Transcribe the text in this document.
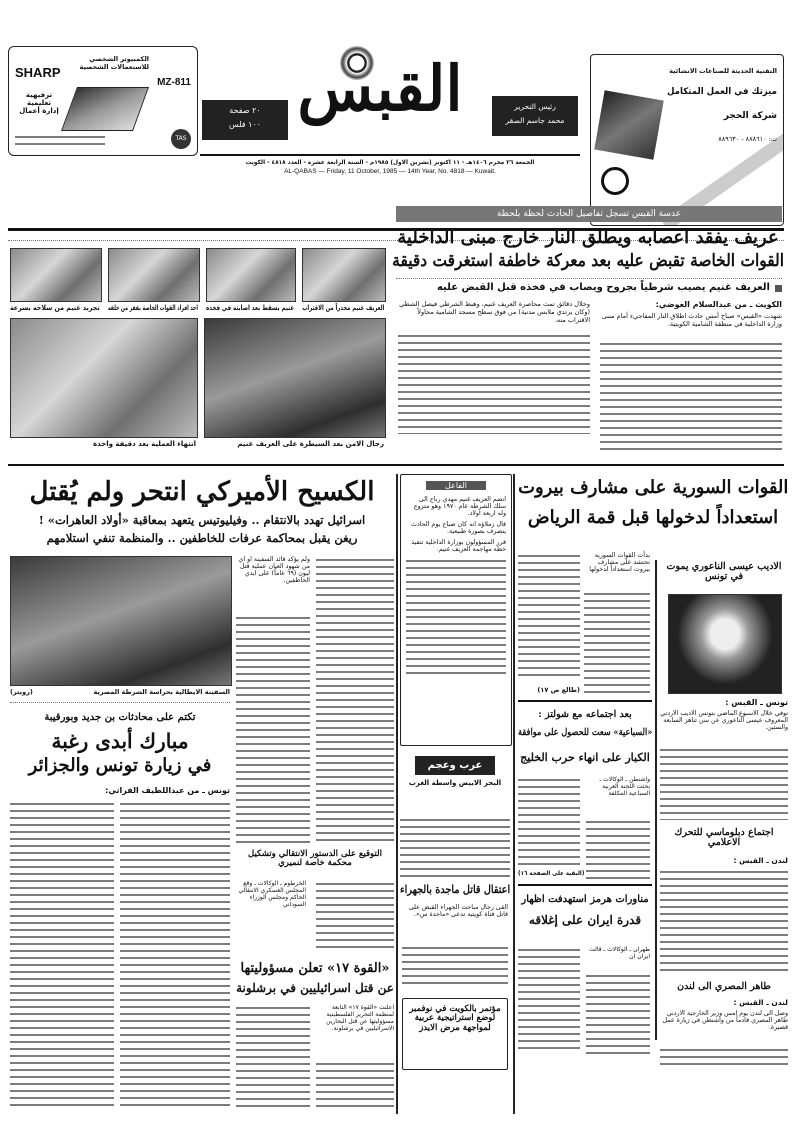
SHARP
MZ-811
الكمبيوتر الشخصي للاستعمالات الشخصية
ترفيهية
تعليمية
إدارة أعمال
TAS
٢٠ صفحة
١٠٠ فلس القبس	رئيس التحرير
محمد جاسم الصقر
الجمعة ٢٦ محرم ١٤٠٦هـ - ١١ اكتوبر (تشرين الاول) ١٩٨٥م - السنة الرابعة عشرة - العدد ٤٨١٨ - الكويت
AL-QABAS — Friday, 11 October, 1985 — 14th Year, No. 4818 — Kuwait.
التقنية الحديثة للصناعات الانشائية
ميزتك في العمل المتكامل
شركة الحجر
ت: ٨٨٨٦١٠ - ٨٨٩٦٣٠
العريف غنيم محذراً من الاقتراب
غنيم يسقط بعد اصابته في فخذه
احد افراد القوات الخاصة يقفز من خلفه
تجريد غنيم من سلاحه بسرعة
رجال الامن بعد السيطرة على العريف غنيم
انتهاء العملية بعد دقيقة واحدة
عدسة القبس تسجل تفاصيل الحادث لحظة بلحظة
عريف يفقد اعصابه ويطلق النار خارج مبنى الداخلية
القوات الخاصة تقبض عليه بعد معركة خاطفة استغرقت دقيقة
العريف غنيم يصيب شرطياً بجروح ويصاب في فخذه قبل القبض عليه
الكويت ـ من عبدالسلام العوضي:
شهدت «القبس» صباح أمس حادث اطلاق النار المفاجيء أمام مبنى وزارة الداخلية في منطقة الشامية الكويتية.
وخلال دقائق تمت محاصرة العريف غنيم، وهبط الشرطي فيصل الشطي (وكان يرتدي ملابس مدنية) من فوق سطح مسجد الشامية محاولاً الاقتراب منه.
الكسيح الأميركي انتحر ولم يُقتل
اسرائيل تهدد بالانتقام .. وفيليوتيس يتعهد بمعاقبة «أولاد العاهرات» !
ريغن يقبل بمحاكمة عرفات للخاطفين .. والمنظمة تنفي استلامهم
السفينة الايطالية بحراسة الشرطة المصرية
(رويتر)
ولم يؤكد قائد السفينة او اي من شهود العيان عملية قتل ليون (٦٩ عاماً) على ايدي الخاطفين.
تكتم على محادثات بن جديد وبورقيبة
مبارك أبدى رغبة
في زيارة تونس والجزائر
تونس ـ من عبداللطيف الفراتي:
التوقيع على الدستور الانتقالي وتشكيل محكمة خاصة لنميري
الخرطوم ـ الوكالات ـ وقع المجلس العسكري الانتقالي الحاكم ومجلس الوزراء السوداني
«القوة ١٧» تعلن مسؤوليتها
عن قتل اسرائيليين في برشلونة
اعلنت «القوة ١٧» التابعة لمنظمة التحرير الفلسطينية مسؤوليتها عن قتل البحارين الاسرائيليين في برشلونة.
الفاعل
انضم العريف غنيم مهدي رباح الى سلك الشرطة عام ١٩٧٠ وهو متزوج وله اربعة اولاد.
قال زملاؤه انه كان صباح يوم الحادث يتصرف بصورة طبيعية.
قرر المسؤولون بوزارة الداخلية تنفيذ خطة مهاجمة العريف غنيم.
عرب وعجم
البحر الابيض واسطة الغرب
اعتقال قاتل ماجدة بالجهراء
القى رجال مباحث الجهراء القبض على قاتل فتاة كويتية تدعى «ماجدة س».
مؤتمر بالكويت في نوفمبر لوضع استراتيجية عربية لمواجهة مرض الايدز
القوات السورية على مشارف بيروت
استعداداً لدخولها قبل قمة الرياض
بدأت القوات السورية تحتشد على مشارف بيروت استعداداً لدخولها
(طالع ص ١٧)
بعد اجتماعه مع شولتز :
«السباعية» سعت للحصول على موافقة
الكبار على انهاء حرب الخليج
واشنطن ـ الوكالات ـ بحثت اللجنة العربية السباعية المكلفة
(البقية على الصفحة ١٦)
مناورات هرمز استهدفت اظهار
قدرة ايران على إغلاقه
طهران ـ الوكالات ـ قالت ايران ان
الاديب عيسى الناعوري يموت في تونس
تونس ـ القبس :
توفي خلال الاسبوع الماضي بتونس الاديب الاردني المعروف عيسى الناعوري عن سن تناهز السابعة والستين.
اجتماع دبلوماسي للتحرك الاعلامي
لندن ـ القبس :
طاهر المصري الى لندن
لندن ـ القبس :
وصل الى لندن يوم امس وزير الخارجية الاردني طاهر المصري قادماً من واشنطن في زيارة عمل قصيرة.
